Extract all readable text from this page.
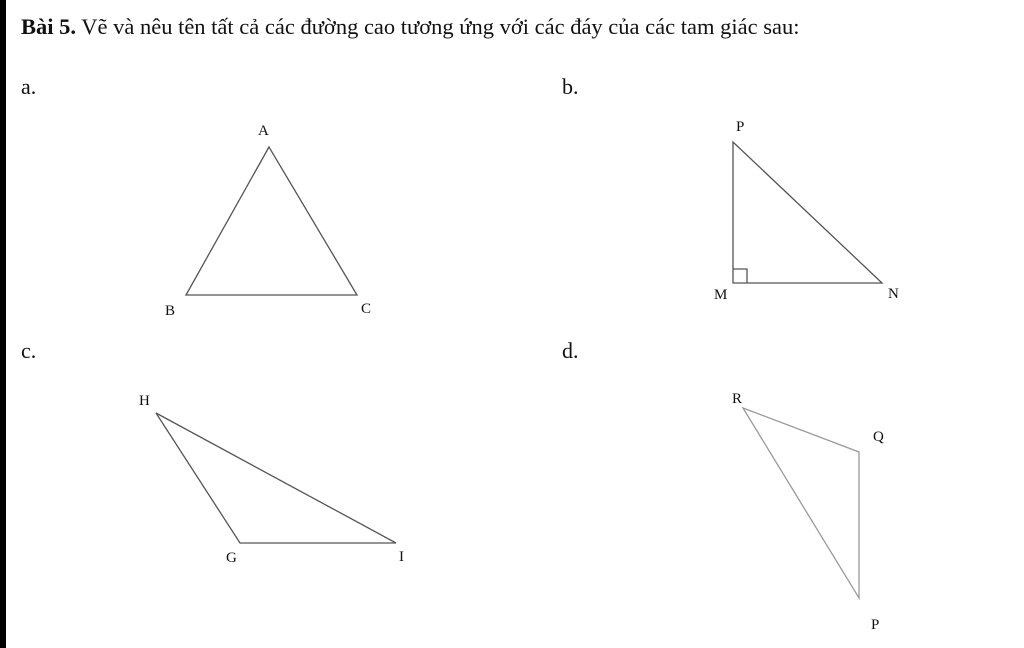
Bài 5. Vẽ và nêu tên tất cả các đường cao tương ứng với các đáy của các tam giác sau:
a.	b.
c.	d.
A
B	C
P
M	N
H
G	I
R
Q
P
